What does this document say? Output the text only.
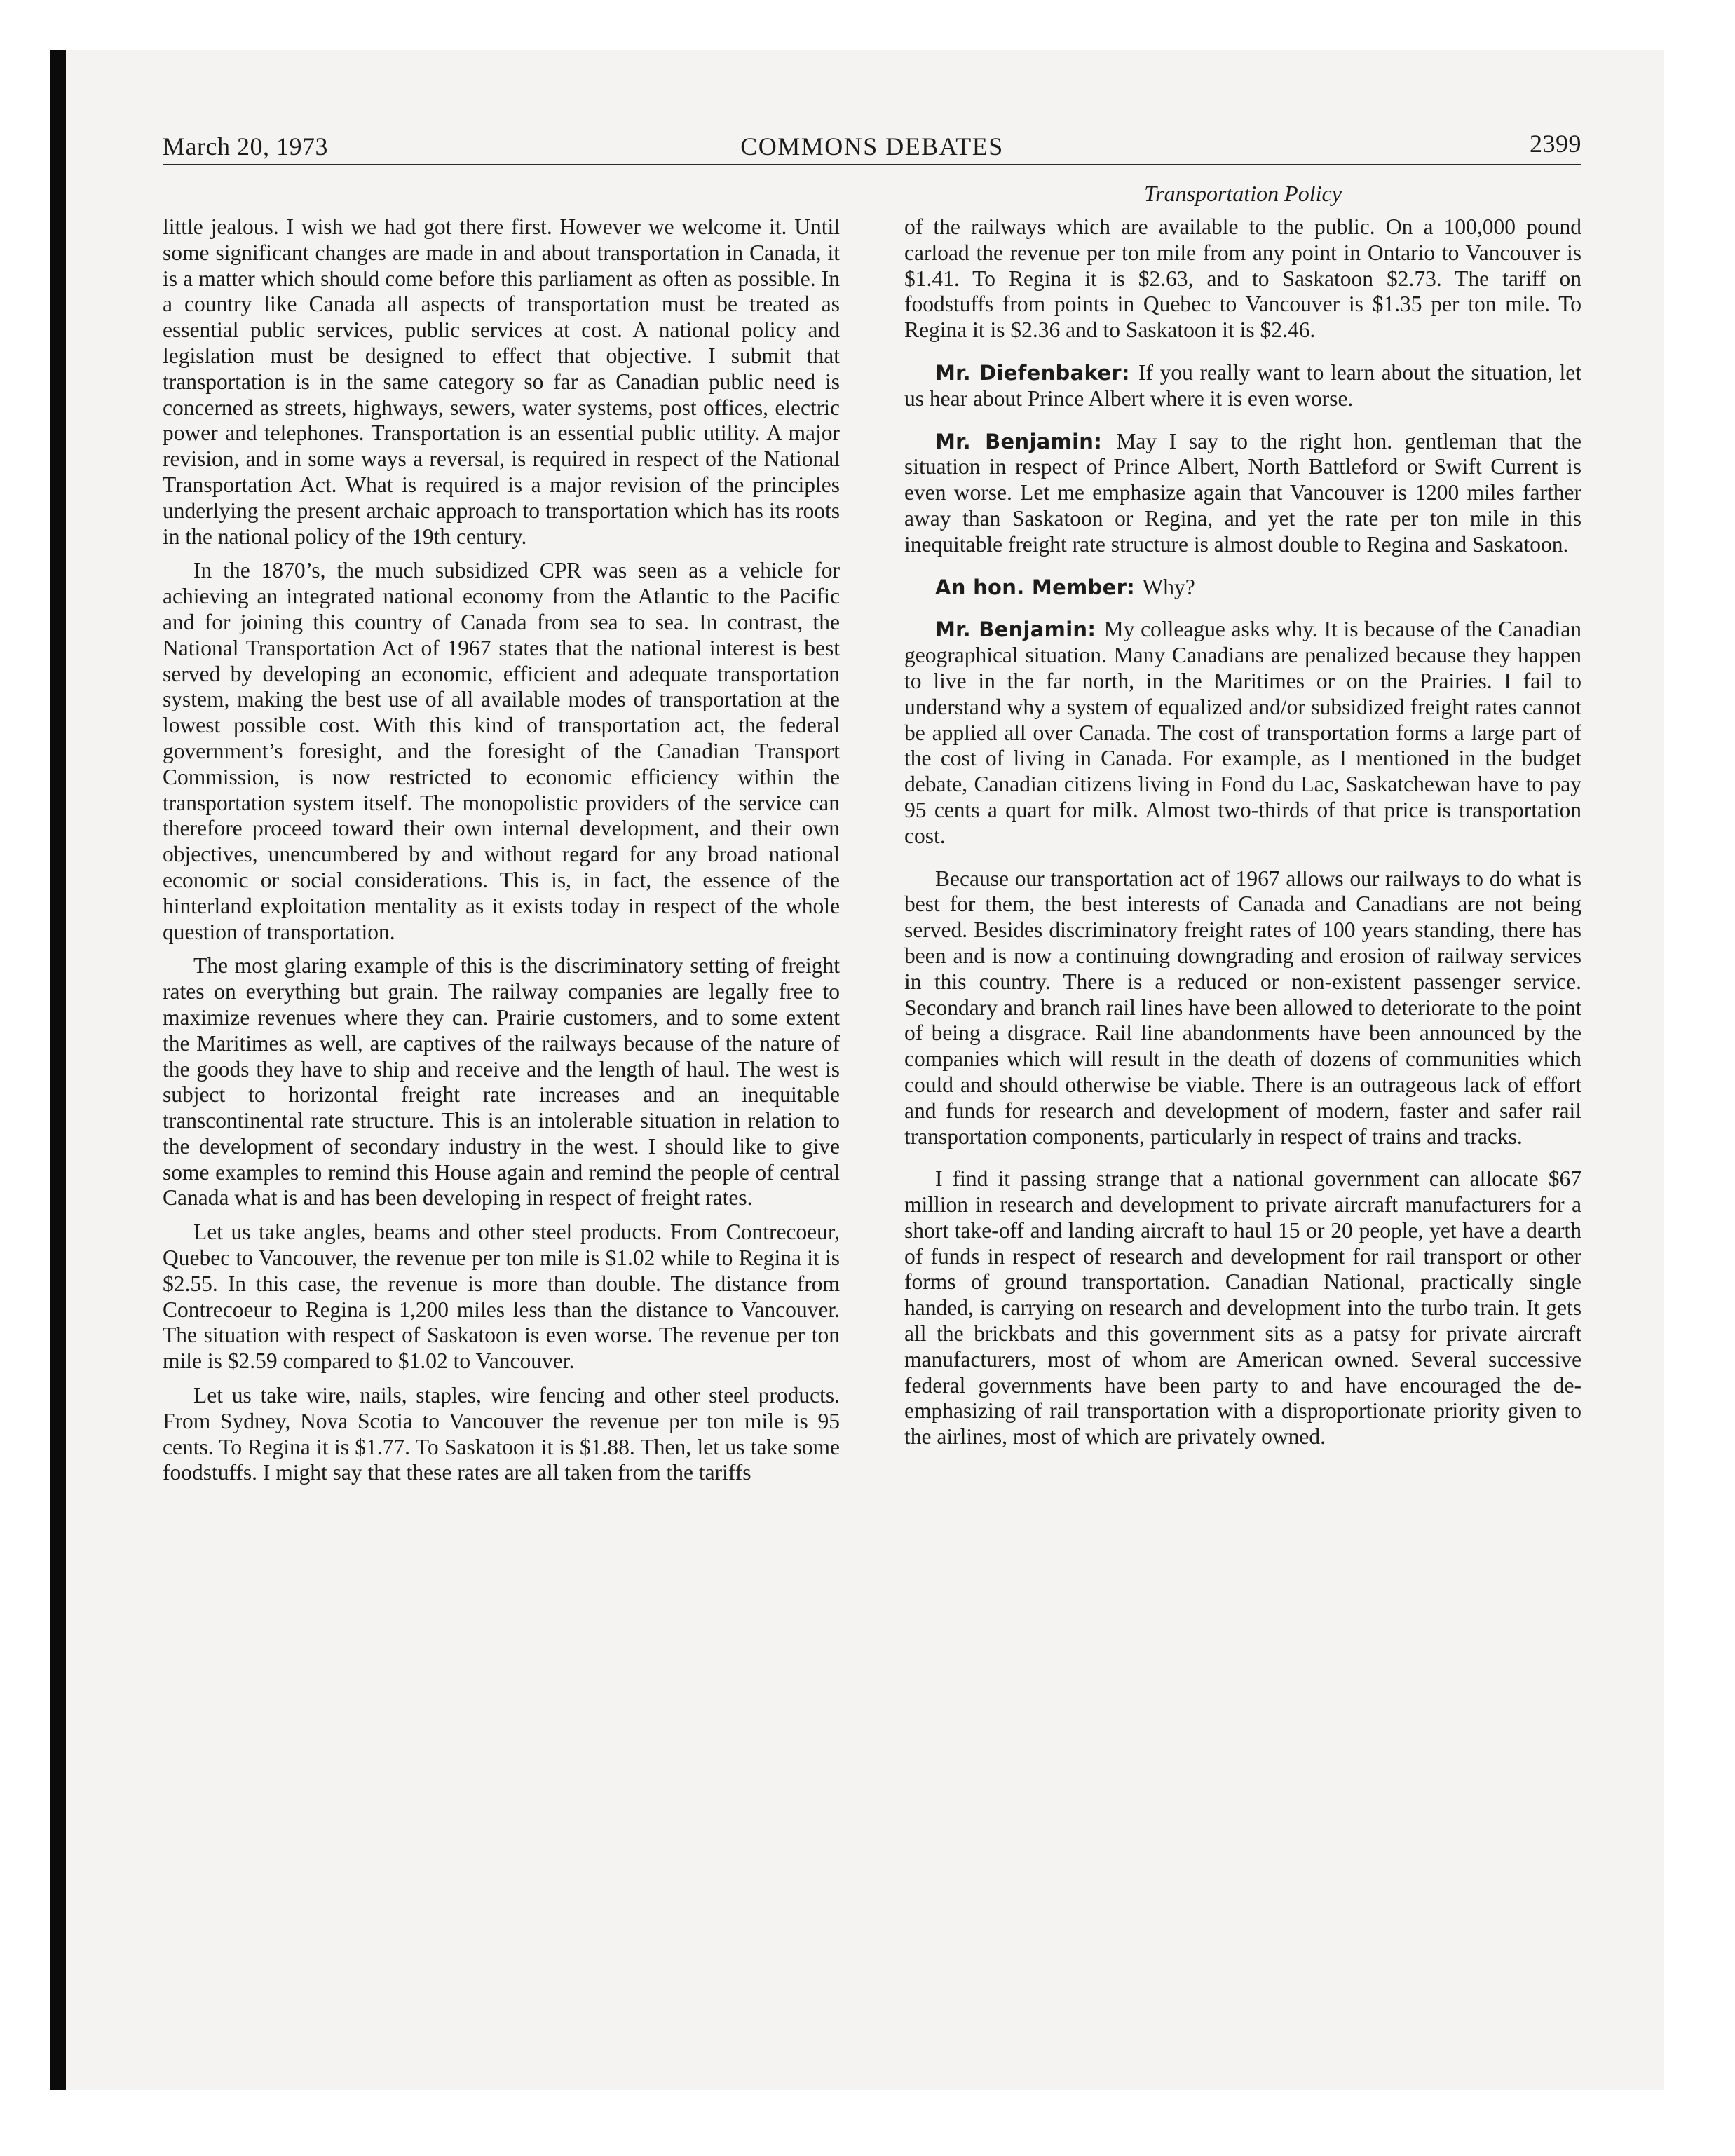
March 20, 1973	COMMONS DEBATES	2399
Transportation Policy

little jealous. I wish we had got there first. However we welcome it. Until some significant changes are made in and about transportation in Canada, it is a matter which should come before this parliament as often as possible. In a country like Canada all aspects of transportation must be treated as essential public services, public services at cost. A national policy and legislation must be designed to effect that objective. I submit that transportation is in the same category so far as Canadian public need is concerned as streets, highways, sewers, water systems, post offices, electric power and telephones. Transportation is an essential public utility. A major revision, and in some ways a reversal, is required in respect of the National Transportation Act. What is required is a major revision of the principles underlying the present archaic approach to transportation which has its roots in the national policy of the 19th century.

In the 1870’s, the much subsidized CPR was seen as a vehicle for achieving an integrated national economy from the Atlantic to the Pacific and for joining this country of Canada from sea to sea. In contrast, the National Transportation Act of 1967 states that the national interest is best served by developing an economic, efficient and adequate transportation system, making the best use of all available modes of transportation at the lowest possible cost. With this kind of transportation act, the federal government’s foresight, and the foresight of the Canadian Transport Commission, is now restricted to economic efficiency within the transportation system itself. The monopolistic providers of the service can therefore proceed toward their own internal development, and their own objectives, unencumbered by and without regard for any broad national economic or social considerations. This is, in fact, the essence of the hinterland exploitation mentality as it exists today in respect of the whole question of transportation.

The most glaring example of this is the discriminatory setting of freight rates on everything but grain. The railway companies are legally free to maximize revenues where they can. Prairie customers, and to some extent the Maritimes as well, are captives of the railways because of the nature of the goods they have to ship and receive and the length of haul. The west is subject to horizontal freight rate increases and an inequitable transcontinental rate structure. This is an intolerable situation in relation to the development of secondary industry in the west. I should like to give some examples to remind this House again and remind the people of central Canada what is and has been developing in respect of freight rates.

Let us take angles, beams and other steel products. From Contrecoeur, Quebec to Vancouver, the revenue per ton mile is $1.02 while to Regina it is $2.55. In this case, the revenue is more than double. The distance from Contrecoeur to Regina is 1,200 miles less than the distance to Vancouver. The situation with respect of Saskatoon is even worse. The revenue per ton mile is $2.59 compared to $1.02 to Vancouver.

Let us take wire, nails, staples, wire fencing and other steel products. From Sydney, Nova Scotia to Vancouver the revenue per ton mile is 95 cents. To Regina it is $1.77. To Saskatoon it is $1.88. Then, let us take some foodstuffs. I might say that these rates are all taken from the tariffs

of the railways which are available to the public. On a 100,000 pound carload the revenue per ton mile from any point in Ontario to Vancouver is $1.41. To Regina it is $2.63, and to Saskatoon $2.73. The tariff on foodstuffs from points in Quebec to Vancouver is $1.35 per ton mile. To Regina it is $2.36 and to Saskatoon it is $2.46.

Mr. Diefenbaker: If you really want to learn about the situation, let us hear about Prince Albert where it is even worse.

Mr. Benjamin: May I say to the right hon. gentleman that the situation in respect of Prince Albert, North Battleford or Swift Current is even worse. Let me emphasize again that Vancouver is 1200 miles farther away than Saskatoon or Regina, and yet the rate per ton mile in this inequitable freight rate structure is almost double to Regina and Saskatoon.

An hon. Member: Why?

Mr. Benjamin: My colleague asks why. It is because of the Canadian geographical situation. Many Canadians are penalized because they happen to live in the far north, in the Maritimes or on the Prairies. I fail to understand why a system of equalized and/or subsidized freight rates cannot be applied all over Canada. The cost of transportation forms a large part of the cost of living in Canada. For example, as I mentioned in the budget debate, Canadian citizens living in Fond du Lac, Saskatchewan have to pay 95 cents a quart for milk. Almost two-thirds of that price is transportation cost.

Because our transportation act of 1967 allows our railways to do what is best for them, the best interests of Canada and Canadians are not being served. Besides discriminatory freight rates of 100 years standing, there has been and is now a continuing downgrading and erosion of railway services in this country. There is a reduced or non-existent passenger service. Secondary and branch rail lines have been allowed to deteriorate to the point of being a disgrace. Rail line abandonments have been announced by the companies which will result in the death of dozens of communities which could and should otherwise be viable. There is an outrageous lack of effort and funds for research and development of modern, faster and safer rail transportation components, particularly in respect of trains and tracks.

I find it passing strange that a national government can allocate $67 million in research and development to private aircraft manufacturers for a short take-off and landing aircraft to haul 15 or 20 people, yet have a dearth of funds in respect of research and development for rail transport or other forms of ground transportation. Canadian National, practically single handed, is carrying on research and development into the turbo train. It gets all the brickbats and this government sits as a patsy for private aircraft manufacturers, most of whom are American owned. Several successive federal governments have been party to and have encouraged the de-emphasizing of rail transportation with a disproportionate priority given to the airlines, most of which are privately owned.
